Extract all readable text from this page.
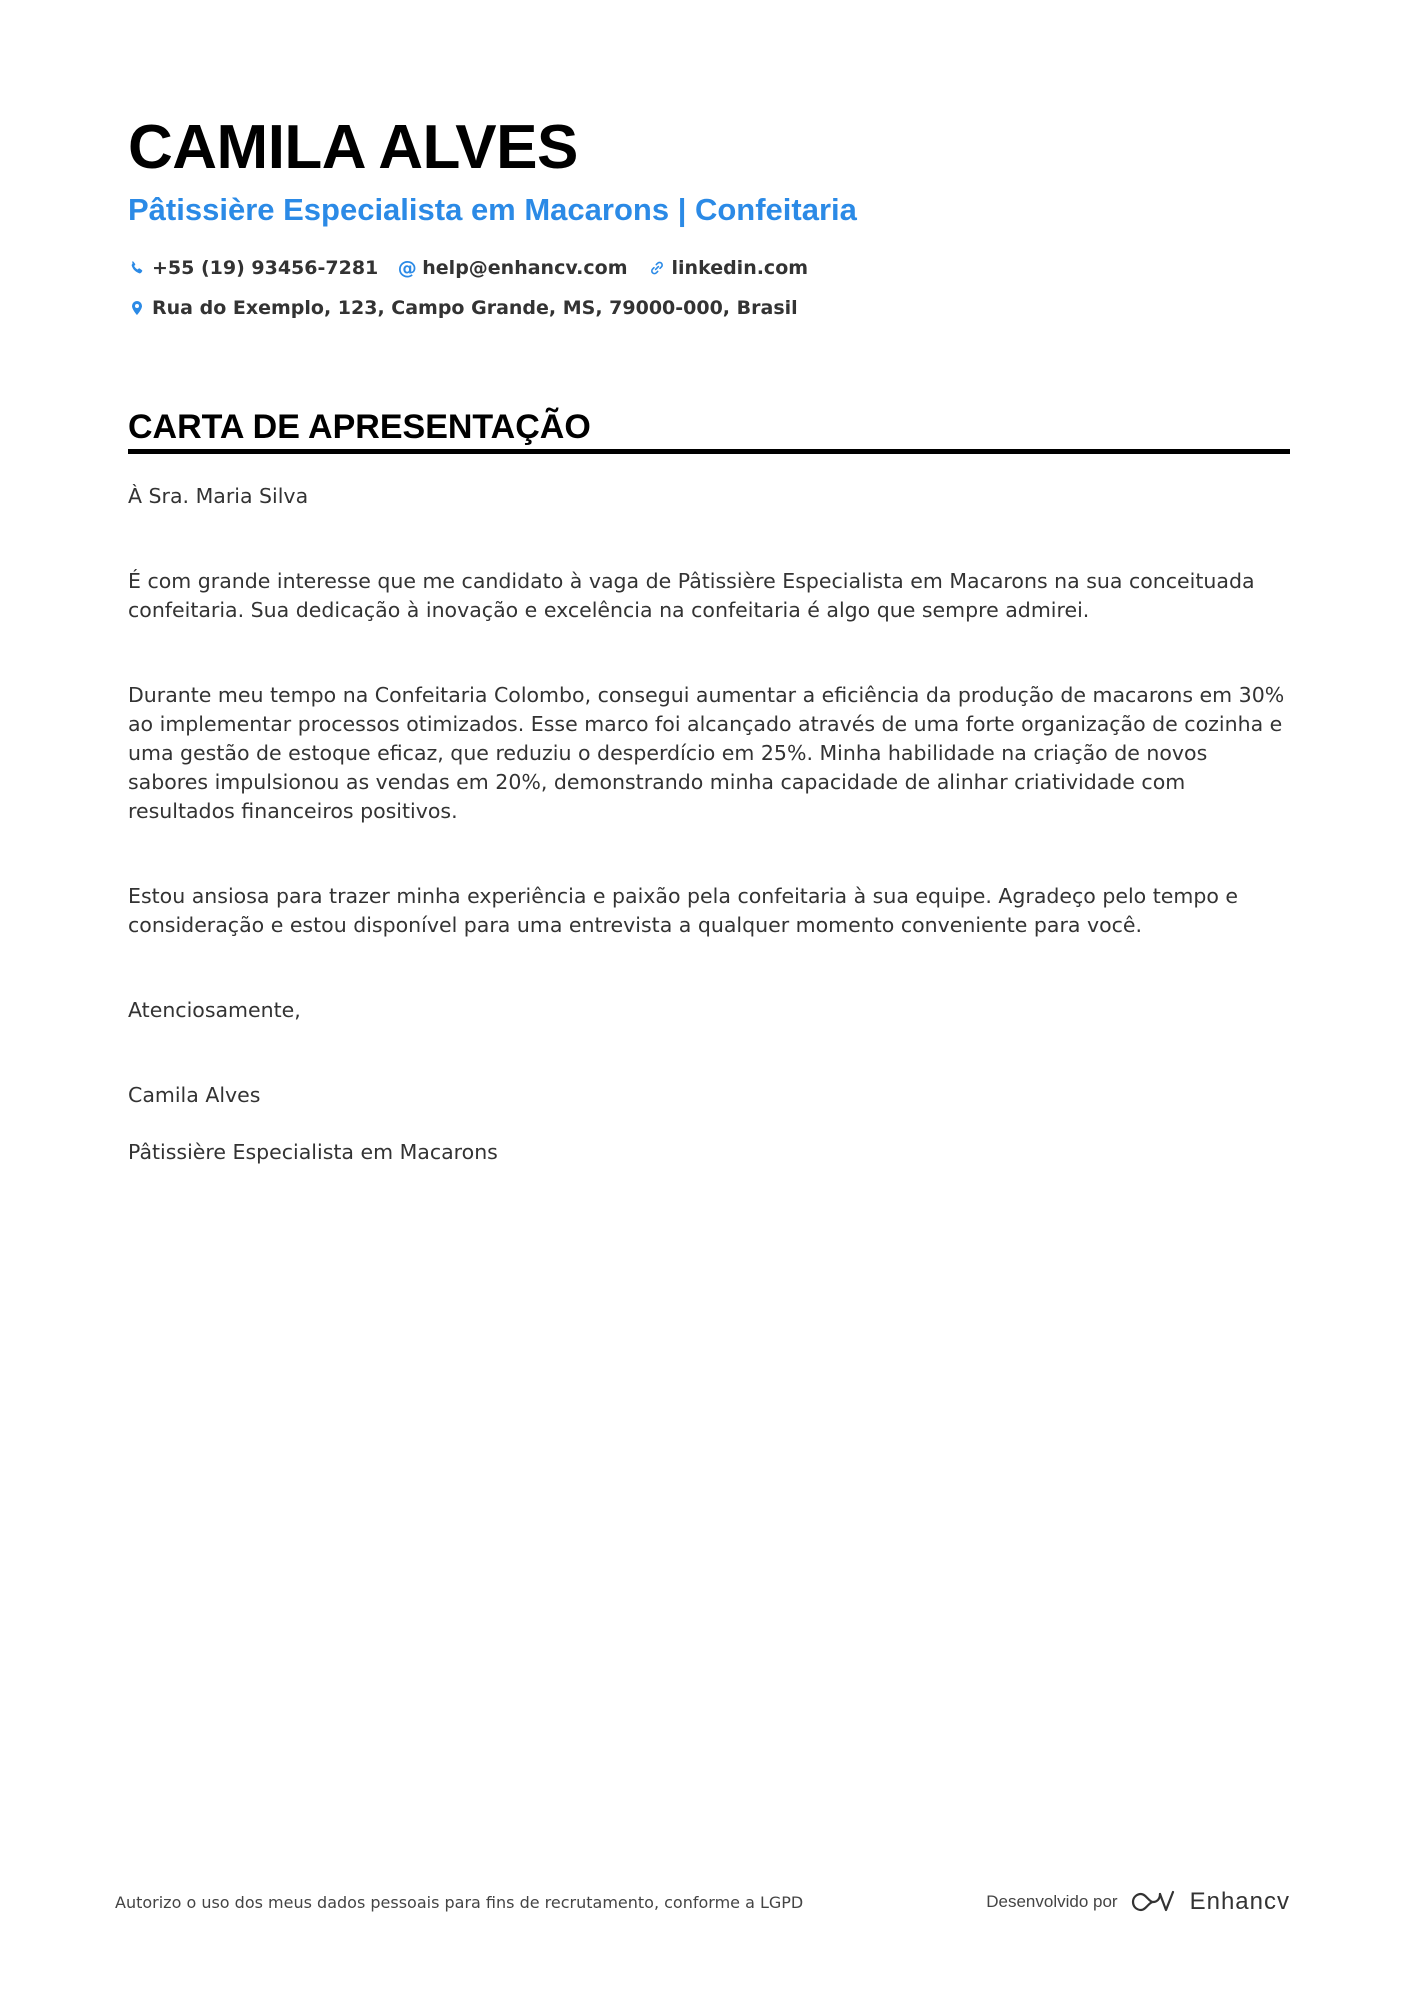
CAMILA ALVES
Pâtissière Especialista em Macarons | Confeitaria
+55 (19) 93456-7281 @ help@enhancv.com linkedin.com
Rua do Exemplo, 123, Campo Grande, MS, 79000-000, Brasil
CARTA DE APRESENTAÇÃO

À Sra. Maria Silva

É com grande interesse que me candidato à vaga de Pâtissière Especialista em Macarons na sua conceituada confeitaria. Sua dedicação à inovação e excelência na confeitaria é algo que sempre admirei.

Durante meu tempo na Confeitaria Colombo, consegui aumentar a eficiência da produção de macarons em 30% ao implementar processos otimizados. Esse marco foi alcançado através de uma forte organização de cozinha e uma gestão de estoque eficaz, que reduziu o desperdício em 25%. Minha habilidade na criação de novos sabores impulsionou as vendas em 20%, demonstrando minha capacidade de alinhar criatividade com resultados financeiros positivos.

Estou ansiosa para trazer minha experiência e paixão pela confeitaria à sua equipe. Agradeço pelo tempo e consideração e estou disponível para uma entrevista a qualquer momento conveniente para você.

Atenciosamente,

Camila Alves

Pâtissière Especialista em Macarons

Autorizo o uso dos meus dados pessoais para fins de recrutamento, conforme a LGPD	Desenvolvido por	Enhancv
